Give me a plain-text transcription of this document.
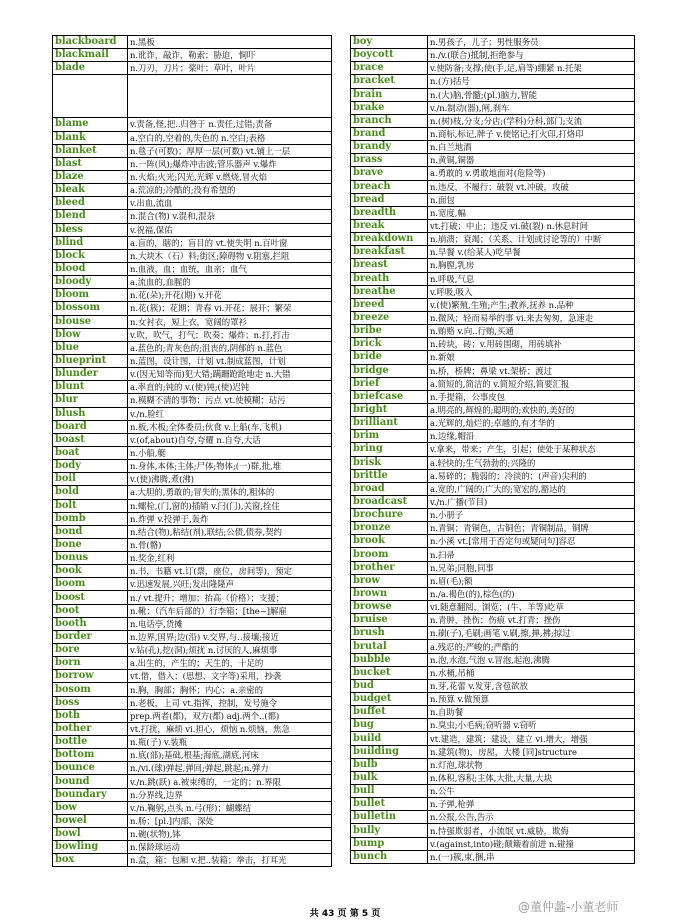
blackboard	n.黑板
blackmail	n.讹诈，敲诈，勒索；胁迫，恫吓
blade	n.刀刃，刀片；桨叶；草叶，叶片

blame	v.责备,怪,把..归咎于 n.责任,过错;责备
blank	a.空白的,空着的,失色的 n.空白;表格
blanket	n.毯子(可数)；厚厚一层(可数) vt.铺上一层
blast	n.一阵(风);爆炸冲击波;管乐器声 v.爆炸
blaze	n.火焰;火光;闪光,光辉 v.燃烧,冒火焰
bleak	a.荒凉的;冷酷的;没有希望的
bleed	v.出血,流血
blend	n.混合(物) v.混和,混杂
bless	v.祝福,保佑
blind	a.盲的，瞎的；盲目的 vt.使失明 n.百叶窗
block	n.大块木（石）料;街区;障碍物 v.阻塞,拦阻
blood	n.血液，血；血统，血亲；血气
bloody	a.流血的,血腥的
bloom	n.花(朵);开花(期) v.开花
blossom	n.花(簇)；花期；青春 vi.开花；展开；繁荣
blouse	n.女衬衣，短上衣，宽阔的罩衫
blow	v.吹，吹气，打气；吹奏；爆炸；n.打,打击
blue	a.蓝色的;青灰色的;沮丧的,阴郁的 n.蓝色
blueprint	n.蓝图，设计图，计划 vt.制成蓝图，计划
blunder	v.(因无知等而)犯大错;蹒跚跄跄地走 n.大错
blunt	a.率直的;钝的 v.(使)钝;(使)迟钝
blur	n.模糊不清的事物；污点 vt.使模糊；玷污
blush	v./n.脸红
board	n.板,木板;全体委员;伙食 v.上船(车,飞机)
boast	v.(of,about)自夸,夸耀 n.自夸,大话
boat	n.小船,艇
body	n.身体,本体;主体;尸体;物体;(一)群,批,堆
boil	v.(使)沸腾,煮(沸)
bold	a.大胆的,勇敢的;冒失的;黑体的,粗体的
bolt	n.螺栓,(门,窗的)插销 v.闩(门),关窗,拴住
bomb	n.炸弹 v.投弹于,轰炸
bond	n.结合(物),粘结(剂),联结;公债,债券,契约
bone	n.骨(骼)
bonus	n.奖金,红利
book	n.书，书籍 vt.订(票，座位，房间等)，预定
boom	v.迅速发展,兴旺;发出隆隆声
boost	n./ vt.提升；增加；抬高（价格）；支援；
boot	n.靴；（汽车后部的）行李箱；[the~]解雇
booth	n.电话亭,货摊
border	n.边界,国界;边(沿) v.交界,与..接壤;接近
bore	v.钻(孔),挖(洞);烦扰 n.讨厌的人,麻烦事
born	a.出生的，产生的；天生的，十足的
borrow	vt.借，借入；(思想、文字等)采用，抄袭
bosom	n.胸，胸部；胸怀；内心；a.亲密的
boss	n.老板，上司 vt.指挥，控制，发号施令
both	prep.两者(都)，双方(都) adj.两个..(都)
bother	vt.打扰，麻烦 vi.担心，烦恼 n.烦恼，焦急
bottle	n.瓶(子) v.装瓶
bottom	n.底(部);基础,根基;海底,湖底,河床
bounce	n./vi.(球)弹起,弹回;弹起,跳起;n.弹力
bound	v./n.跳(跃) a.被束缚的，一定的；n.界限
boundary	n.分界线,边界
bow	v./n.鞠躬,点头 n.弓(形)；蝴蝶结
bowel	n.肠；[pl.]内部，深处
bowl	n.碗(状物),钵
bowling	n.保龄球运动
box	n.盒，箱；包厢 v.把..装箱；拳击，打耳光
boy	n.男孩子，儿子；男性服务员
boycott	n./v.(联合)抵制,拒绝参与
brace	v.使防备;支撑;使(手,足,肩等)绷紧 n.托架
bracket	n.(方)括号
brain	n.(大)脑,骨髓;(pl.)脑力,智能
brake	v./n.制动(器),闸,刹车
branch	n.(树)枝,分支;分店;(学科)分科,部门;支流
brand	n.商标,标记,牌子 v.使铭记;打火印,打烙印
brandy	n.白兰地酒
brass	n.黄铜,铜器
brave	a.勇敢的 v.勇敢地面对(危险等)
breach	n.违反，不履行；破裂 vt.冲破，攻破
bread	n.面包
breadth	n.宽度,幅
break	vt.打破；中止；违反 vi.破(裂) n.休息时间
breakdown	n.崩溃；衰竭；（关系、计划或讨论等的）中断
breakfast	n.早餐 v.(给某人)吃早餐
breast	n.胸膛,乳房
breath	n.呼吸,气息
breathe	v.呼吸,吸入
breed	v.(使)繁殖,生殖;产生;教养,抚养 n.品种
breeze	n.微风；轻而易举的事 vi.来去匆匆，急速走
bribe	n.贿赂 v.向..行贿,买通
brick	n.砖块，砖；v.用砖围砌，用砖填补
bride	n.新娘
bridge	n.桥，桥牌；鼻梁 vt.架桥；渡过
brief	a.简短的,简洁的 v.简短介绍,简要汇报
briefcase	n.手提箱，公事皮包
bright	a.明亮的,辉煌的;聪明的;欢快的,美好的
brilliant	a.光辉的,灿烂的;卓越的,有才华的
brim	n.边缘,帽沿
bring	v.拿来，带来；产生，引起；使处于某种状态
brisk	a.轻快的;生气勃勃的;兴隆的
brittle	a.易碎的；脆弱的；冷淡的；(声音)尖利的
broad	a.宽的,广阔的;广大的;宽宏的,豁达的
broadcast	v./n.广播(节目)
brochure	n.小册子
bronze	n.青铜；青铜色，古铜色；青铜制品，铜牌
brook	n.小溪 vt.[常用于否定句或疑问句]容忍
broom	n.扫帚
brother	n.兄弟;同胞,同事
brow	n.眉(毛);额
brown	n./a.褐色(的),棕色(的)
browse	vi.随意翻阅，浏览；(牛、羊等)吃草
bruise	n.青肿，挫伤；伤痕 vt.打青；挫伤
brush	n.刷(子),毛刷;画笔 v.刷,擦,掸,拂;掠过
brutal	a.残忍的;严峻的;严酷的
bubble	n.泡,水泡,气泡 v.冒泡,起泡,沸腾
bucket	n.水桶,吊桶
bud	n.芽,花蕾 v.发芽,含苞欲放
budget	n.预算 v.做预算
buffet	n.自助餐
bug	n.臭虫;小毛病;窃听器 v.窃听
build	vt.建造，建筑；建设，建立 vi.增大，增强
building	n.建筑(物)，房屋，大楼 [同]structure
bulb	n.灯泡,球状物
bulk	n.体积,容积;主体,大批,大量,大块
bull	n.公牛
bullet	n.子弹,枪弹
bulletin	n.公报,公告,告示
bully	n.恃强欺弱者，小流氓 vt.威胁，欺侮
bump	v.(against,into)碰;颠簸着前进 n.碰撞
bunch	n.(一)簇,束,捆,串
共 43 页 第 5 页	@董仲蠡-小董老师
